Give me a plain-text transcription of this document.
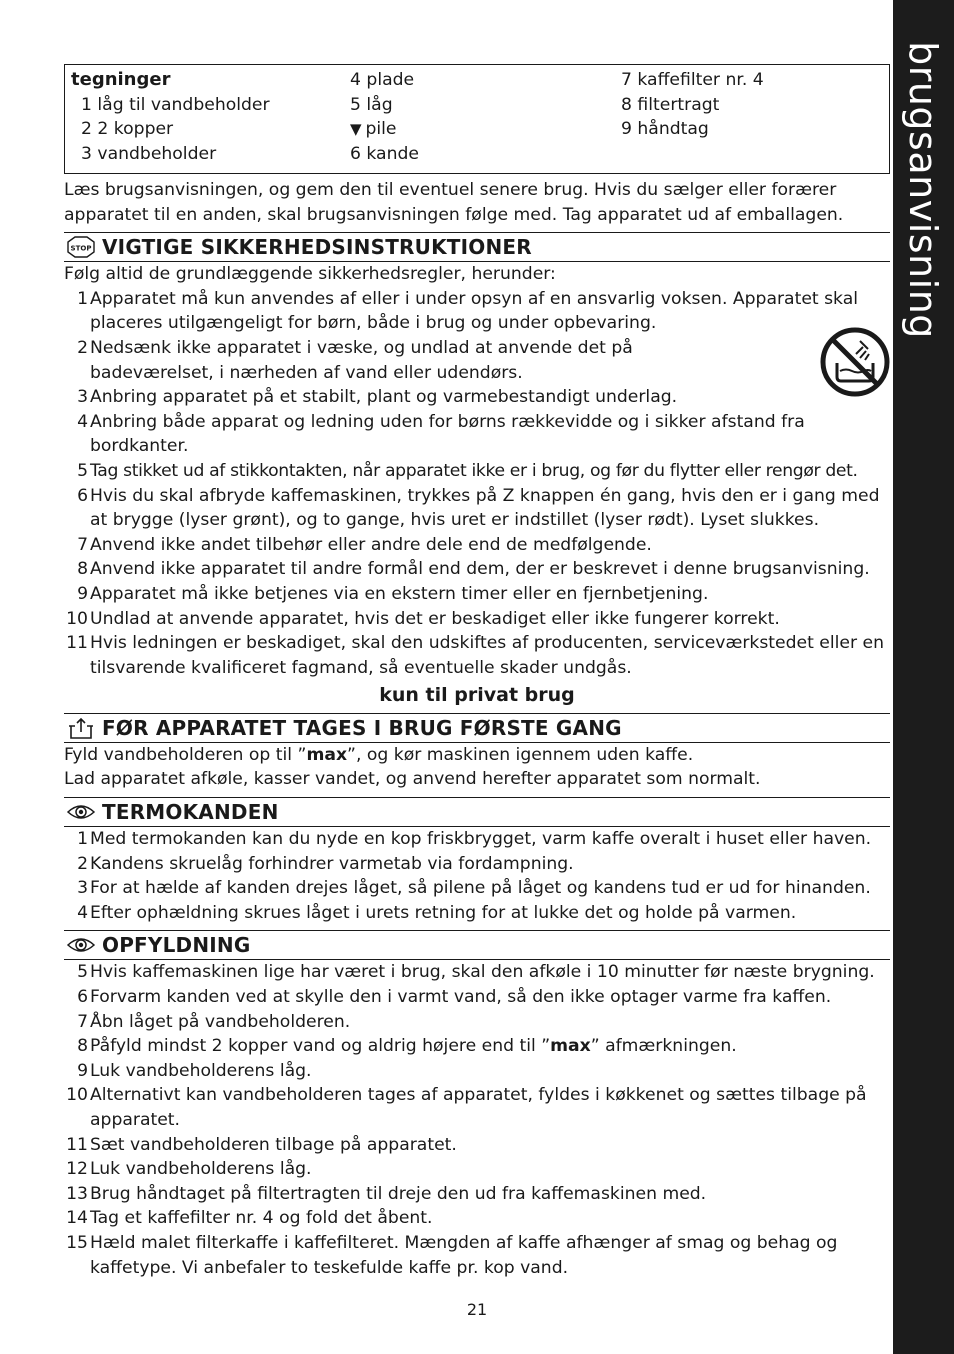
brugsanvisning
tegninger
1 låg til vandbeholder
2 2 kopper
3 vandbeholder
4 plade
5 låg
▼ pile
6 kande
7 kaffefilter nr. 4
8 filtertragt
9 håndtag
Læs brugsanvisningen, og gem den til eventuel senere brug. Hvis du sælger eller forærer
apparatet til en anden, skal brugsanvisningen følge med. Tag apparatet ud af emballagen.
STOP VIGTIGE SIKKERHEDSINSTRUKTIONER
Følg altid de grundlæggende sikkerhedsregler, herunder:
1 Apparatet må kun anvendes af eller i under opsyn af en ansvarlig voksen. Apparatet skal placeres utilgængeligt for børn, både i brug og under opbevaring.
2 Nedsænk ikke apparatet i væske, og undlad at anvende det på badeværelset, i nærheden af vand eller udendørs.
3 Anbring apparatet på et stabilt, plant og varmebestandigt underlag.
4 Anbring både apparat og ledning uden for børns rækkevidde og i sikker afstand fra bordkanter.
5 Tag stikket ud af stikkontakten, når apparatet ikke er i brug, og før du flytter eller rengør det.
6 Hvis du skal afbryde kaffemaskinen, trykkes på Z knappen én gang, hvis den er i gang med at brygge (lyser grønt), og to gange, hvis uret er indstillet (lyser rødt). Lyset slukkes.
7 Anvend ikke andet tilbehør eller andre dele end de medfølgende.
8 Anvend ikke apparatet til andre formål end dem, der er beskrevet i denne brugsanvisning.
9 Apparatet må ikke betjenes via en ekstern timer eller en fjernbetjening.
10 Undlad at anvende apparatet, hvis det er beskadiget eller ikke fungerer korrekt.
11 Hvis ledningen er beskadiget, skal den udskiftes af producenten, serviceværkstedet eller en tilsvarende kvalificeret fagmand, så eventuelle skader undgås.
kun til privat brug
FØR APPARATET TAGES I BRUG FØRSTE GANG
Fyld vandbeholderen op til ”max”, og kør maskinen igennem uden kaffe.
Lad apparatet afkøle, kasser vandet, og anvend herefter apparatet som normalt.
TERMOKANDEN
1 Med termokanden kan du nyde en kop friskbrygget, varm kaffe overalt i huset eller haven.
2 Kandens skruelåg forhindrer varmetab via fordampning.
3 For at hælde af kanden drejes låget, så pilene på låget og kandens tud er ud for hinanden.
4 Efter ophældning skrues låget i urets retning for at lukke det og holde på varmen.
OPFYLDNING
5 Hvis kaffemaskinen lige har været i brug, skal den afkøle i 10 minutter før næste brygning.
6 Forvarm kanden ved at skylle den i varmt vand, så den ikke optager varme fra kaffen.
7 Åbn låget på vandbeholderen.
8 Påfyld mindst 2 kopper vand og aldrig højere end til ”max” afmærkningen.
9 Luk vandbeholderens låg.
10 Alternativt kan vandbeholderen tages af apparatet, fyldes i køkkenet og sættes tilbage på apparatet.
11 Sæt vandbeholderen tilbage på apparatet.
12 Luk vandbeholderens låg.
13 Brug håndtaget på filtertragten til dreje den ud fra kaffemaskinen med.
14 Tag et kaffefilter nr. 4 og fold det åbent.
15 Hæld malet filterkaffe i kaffefilteret. Mængden af kaffe afhænger af smag og behag og kaffetype. Vi anbefaler to teskefulde kaffe pr. kop vand.
21
